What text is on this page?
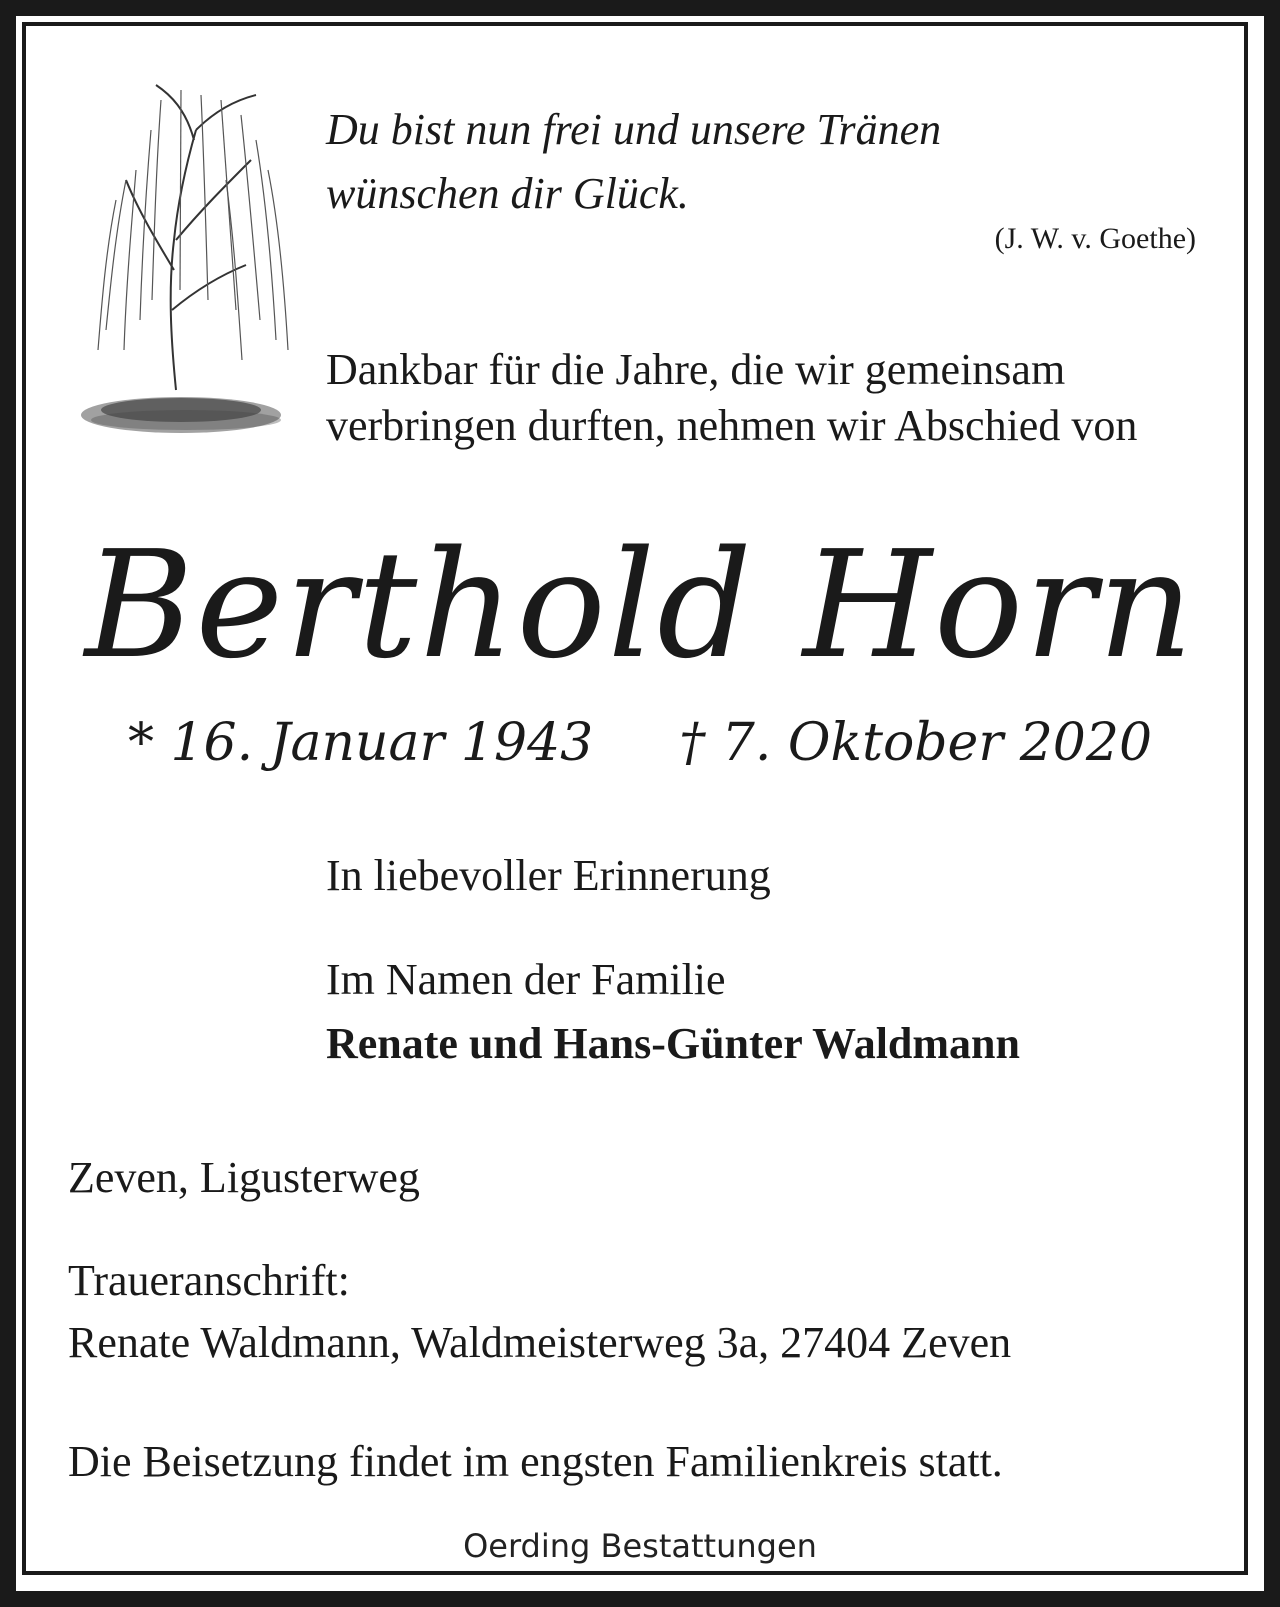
Du bist nun frei und unsere Tränen
wünschen dir Glück.
(J. W. v. Goethe)
Dankbar für die Jahre, die wir gemeinsam
verbringen durften, nehmen wir Abschied von
Berthold Horn
* 16. Januar 1943 † 7. Oktober 2020
In liebevoller Erinnerung
Im Namen der Familie
Renate und Hans-Günter Waldmann
Zeven, Ligusterweg
Traueranschrift:
Renate Waldmann, Waldmeisterweg 3a, 27404 Zeven
Die Beisetzung findet im engsten Familienkreis statt.
Oerding Bestattungen
